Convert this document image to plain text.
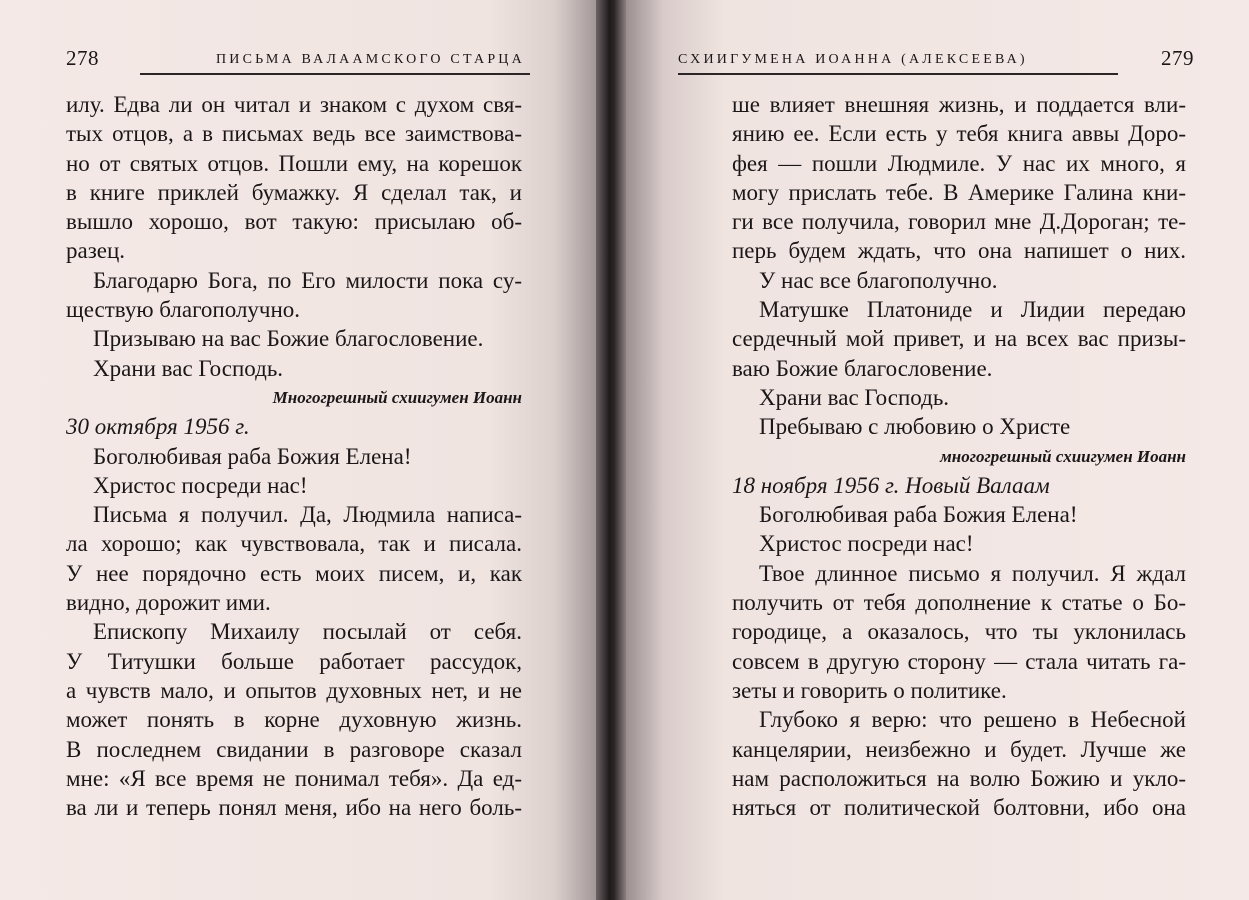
278	ПИСЬМА ВАЛААМСКОГО СТАРЦА
илу. Едва ли он читал и знаком с духом свя-
тых отцов, а в письмах ведь все заимствова-
но от святых отцов. Пошли ему, на корешок
в книге приклей бумажку. Я сделал так, и
вышло хорошо, вот такую: присылаю об-
разец.
Благодарю Бога, по Его милости пока су-
ществую благополучно.
Призываю на вас Божие благословение.
Храни вас Господь.
Многогрешный схиигумен Иоанн
30 октября 1956 г.
Боголюбивая раба Божия Елена!
Христос посреди нас!
Письма я получил. Да, Людмила написа-
ла хорошо; как чувствовала, так и писала.
У нее порядочно есть моих писем, и, как
видно, дорожит ими.
Епископу Михаилу посылай от себя.
У Титушки больше работает рассудок,
а чувств мало, и опытов духовных нет, и не
может понять в корне духовную жизнь.
В последнем свидании в разговоре сказал
мне: «Я все время не понимал тебя». Да ед-
ва ли и теперь понял меня, ибо на него боль-
СХИИГУМЕНА ИОАННА (АЛЕКСЕЕВА)	279
ше влияет внешняя жизнь, и поддается вли-
янию ее. Если есть у тебя книга аввы Доро-
фея — пошли Людмиле. У нас их много, я
могу прислать тебе. В Америке Галина кни-
ги все получила, говорил мне Д.Дороган; те-
перь будем ждать, что она напишет о них.
У нас все благополучно.
Матушке Платониде и Лидии передаю
сердечный мой привет, и на всех вас призы-
ваю Божие благословение.
Храни вас Господь.
Пребываю с любовию о Христе
многогрешный схиигумен Иоанн
18 ноября 1956 г. Новый Валаам
Боголюбивая раба Божия Елена!
Христос посреди нас!
Твое длинное письмо я получил. Я ждал
получить от тебя дополнение к статье о Бо-
городице, а оказалось, что ты уклонилась
совсем в другую сторону — стала читать га-
зеты и говорить о политике.
Глубоко я верю: что решено в Небесной
канцелярии, неизбежно и будет. Лучше же
нам расположиться на волю Божию и укло-
няться от политической болтовни, ибо она
